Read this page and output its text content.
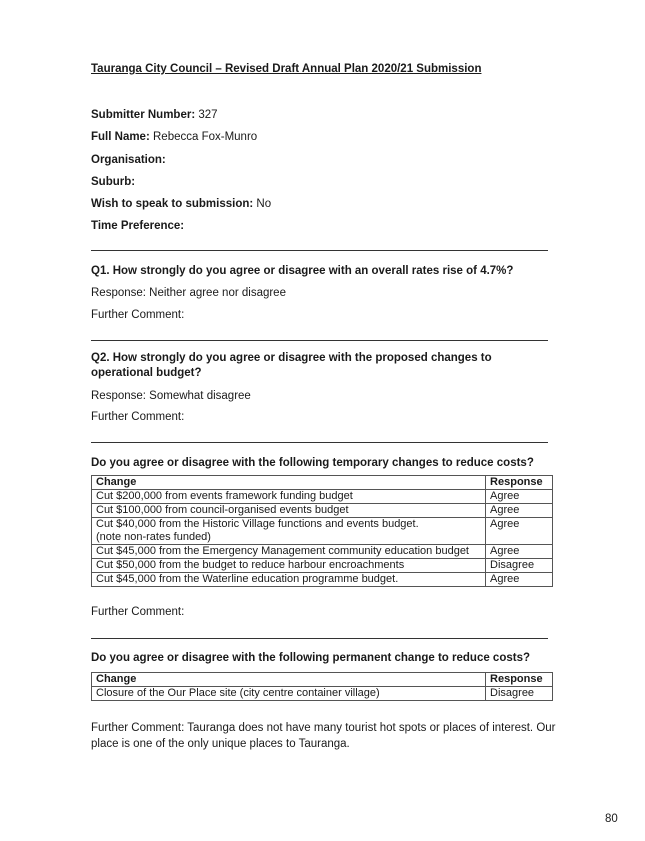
Tauranga City Council – Revised Draft Annual Plan 2020/21 Submission
Submitter Number: 327
Full Name: Rebecca Fox-Munro
Organisation:
Suburb:
Wish to speak to submission: No
Time Preference:
Q1. How strongly do you agree or disagree with an overall rates rise of 4.7%?
Response: Neither agree nor disagree
Further Comment:
Q2. How strongly do you agree or disagree with the proposed changes to operational budget?
Response: Somewhat disagree
Further Comment:
Do you agree or disagree with the following temporary changes to reduce costs?
Change	Response
Cut $200,000 from events framework funding budget	Agree
Cut $100,000 from council-organised events budget	Agree

Cut $40,000 from the Historic Village functions and events budget.
(note non-rates funded)	Agree
Cut $45,000 from the Emergency Management community education budget	Agree
Cut $50,000 from the budget to reduce harbour encroachments	Disagree
Cut $45,000 from the Waterline education programme budget.	Agree
Further Comment:
Do you agree or disagree with the following permanent change to reduce costs?
Change	Response
Closure of the Our Place site (city centre container village)	Disagree
Further Comment: Tauranga does not have many tourist hot spots or places of interest. Our place is one of the only unique places to Tauranga.
80
